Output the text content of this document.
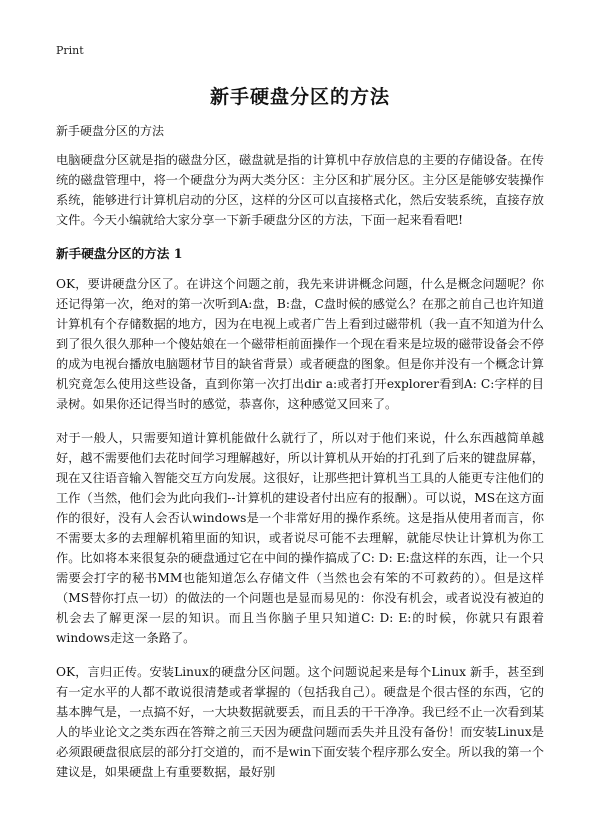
Print
新手硬盘分区的方法
新手硬盘分区的方法

电脑硬盘分区就是指的磁盘分区，磁盘就是指的计算机中存放信息的主要的存储设备。在传统的磁盘管理中，将一个硬盘分为两大类分区：主分区和扩展分区。主分区是能够安装操作系统，能够进行计算机启动的分区，这样的分区可以直接格式化，然后安装系统，直接存放文件。今天小编就给大家分享一下新手硬盘分区的方法，下面一起来看看吧!

新手硬盘分区的方法 1

OK，要讲硬盘分区了。在讲这个问题之前，我先来讲讲概念问题，什么是概念问题呢？你还记得第一次，绝对的第一次听到A:盘，B:盘，C盘时候的感觉么？在那之前自己也许知道计算机有个存储数据的地方，因为在电视上或者广告上看到过磁带机（我一直不知道为什么到了很久很久那种一个傻姑娘在一个磁带柜前面操作一个现在看来是垃圾的磁带设备会不停的成为电视台播放电脑题材节目的缺省背景）或者硬盘的图象。但是你并没有一个概念计算机究竟怎么使用这些设备，直到你第一次打出dir a:或者打开explorer看到A: C:字样的目录树。如果你还记得当时的感觉，恭喜你，这种感觉又回来了。

对于一般人，只需要知道计算机能做什么就行了，所以对于他们来说，什么东西越简单越好，越不需要他们去花时间学习理解越好，所以计算机从开始的打孔到了后来的键盘屏幕，现在又往语音输入智能交互方向发展。这很好，让那些把计算机当工具的人能更专注他们的工作（当然，他们会为此向我们--计算机的建设者付出应有的报酬）。可以说，MS在这方面作的很好，没有人会否认windows是一个非常好用的操作系统。这是指从使用者而言，你不需要太多的去理解机箱里面的知识，或者说尽可能不去理解，就能尽快让计算机为你工作。比如将本来很复杂的硬盘通过它在中间的操作搞成了C: D: E:盘这样的东西，让一个只需要会打字的秘书MM也能知道怎么存储文件（当然也会有笨的不可救药的）。但是这样（MS替你打点一切）的做法的一个问题也是显而易见的：你没有机会，或者说没有被迫的机会去了解更深一层的知识。而且当你脑子里只知道C: D: E:的时候，你就只有跟着windows走这一条路了。

OK，言归正传。安装Linux的硬盘分区问题。这个问题说起来是每个Linux 新手，甚至到有一定水平的人都不敢说很清楚或者掌握的（包括我自己）。硬盘是个很古怪的东西，它的基本脾气是，一点搞不好，一大块数据就要丢，而且丢的干干净净。我已经不止一次看到某人的毕业论文之类东西在答辩之前三天因为硬盘问题而丢失并且没有备份！而安装Linux是必须跟硬盘很底层的部分打交道的，而不是win下面安装个程序那么安全。所以我的第一个建议是，如果硬盘上有重要数据，最好别
